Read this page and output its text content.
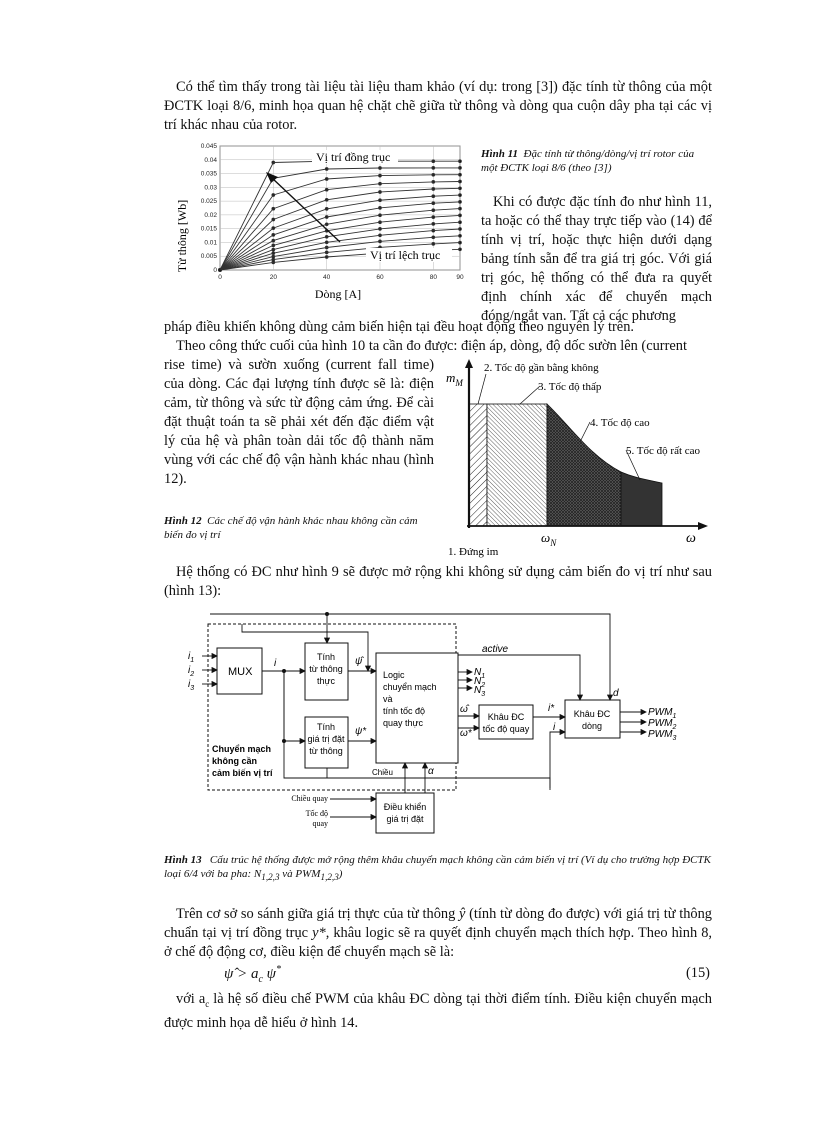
Có thể tìm thấy trong tài liệu tài liệu tham khảo (ví dụ: trong [3]) đặc tính từ thông của một ĐCTK loại 8/6, minh họa quan hệ chặt chẽ giữa từ thông và dòng qua cuộn dây pha tại các vị trí khác nhau của rotor.

0
0.005
0.01
0.015
0.02
0.025
0.03
0.035
0.04
0.045
0	20	40	60	80	90
Từ thông [Wb]
Dòng [A]
Vị trí đồng trục
Vị trí lệch trục

Hình 11 Đặc tính từ thông/dòng/vị trí rotor của một ĐCTK loại 8/6 (theo [3])

Khi có được đặc tính đo như hình 11, ta hoặc có thể thay trực tiếp vào (14) để tính vị trí, hoặc thực hiện dưới dạng bảng tính sẵn để tra giá trị góc. Với giá trị góc, hệ thống có thể đưa ra quyết định chính xác để chuyển mạch đóng/ngắt van. Tất cả các phương

pháp điều khiển không dùng cảm biến hiện tại đều hoạt động theo nguyên lý trên.

Theo công thức cuối của hình 10 ta cần đo được: điện áp, dòng, độ dốc sườn lên (current

rise time) và sườn xuống (current fall time) của dòng. Các đại lượng tính được sẽ là: điện cảm, từ thông và sức từ động cảm ứng. Để cài đặt thuật toán ta sẽ phải xét đến đặc điểm vật lý của hệ và phân toàn dải tốc độ thành năm vùng với các chế độ vận hành khác nhau (hình 12).

Hình 12 Các chế độ vận hành khác nhau không cần cảm biến đo vị trí

$m_M$
ω
$\omega_N$
1. Đứng im
2. Tốc độ gần bằng không
3. Tốc độ thấp
4. Tốc độ cao
5. Tốc độ rất cao

Hệ thống có ĐC như hình 9 sẽ được mở rộng khi không sử dụng cảm biến đo vị trí như sau (hình 13):

MUX
Tính từ thông thực
Tính giá trị đặt từ thông
Logic chuyển mạch và tính tốc độ quay thực
Khâu ĐC tốc độ quay
Khâu ĐC dòng
Điều khiển giá trị đặt
Chuyển mạch không cần cảm biến vị trí
active
d
$i_1$
$i_2$
$i_3$
i	ψ̂
ψ*
$N_1$
$N_2$
$N_3$
ω̂
ω*
i*
i
$PWM_1$
$PWM_2$
$PWM_3$
α
Chiều
Chiều quay
Tốc độ quay

Hình 13 Cấu trúc hệ thống được mở rộng thêm khâu chuyển mạch không cần cảm biến vị trí (Ví dụ cho trường hợp ĐCTK loại 6/4 với ba pha: $N_{1,2,3}$ và $PWM_{1,2,3}$)

Trên cơ sở so sánh giữa giá trị thực của từ thông ŷ (tính từ dòng đo được) với giá trị từ thông chuẩn tại vị trí đồng trục y*, khâu logic sẽ ra quyết định chuyển mạch thích hợp. Theo hình 8, ở chế độ động cơ, điều kiện để chuyển mạch sẽ là:

ψ̂ > $a_c$ ψ*	(15)

với $a_c$ là hệ số điều chế PWM của khâu ĐC dòng tại thời điểm tính. Điều kiện chuyển mạch được minh họa dễ hiểu ở hình 14.
